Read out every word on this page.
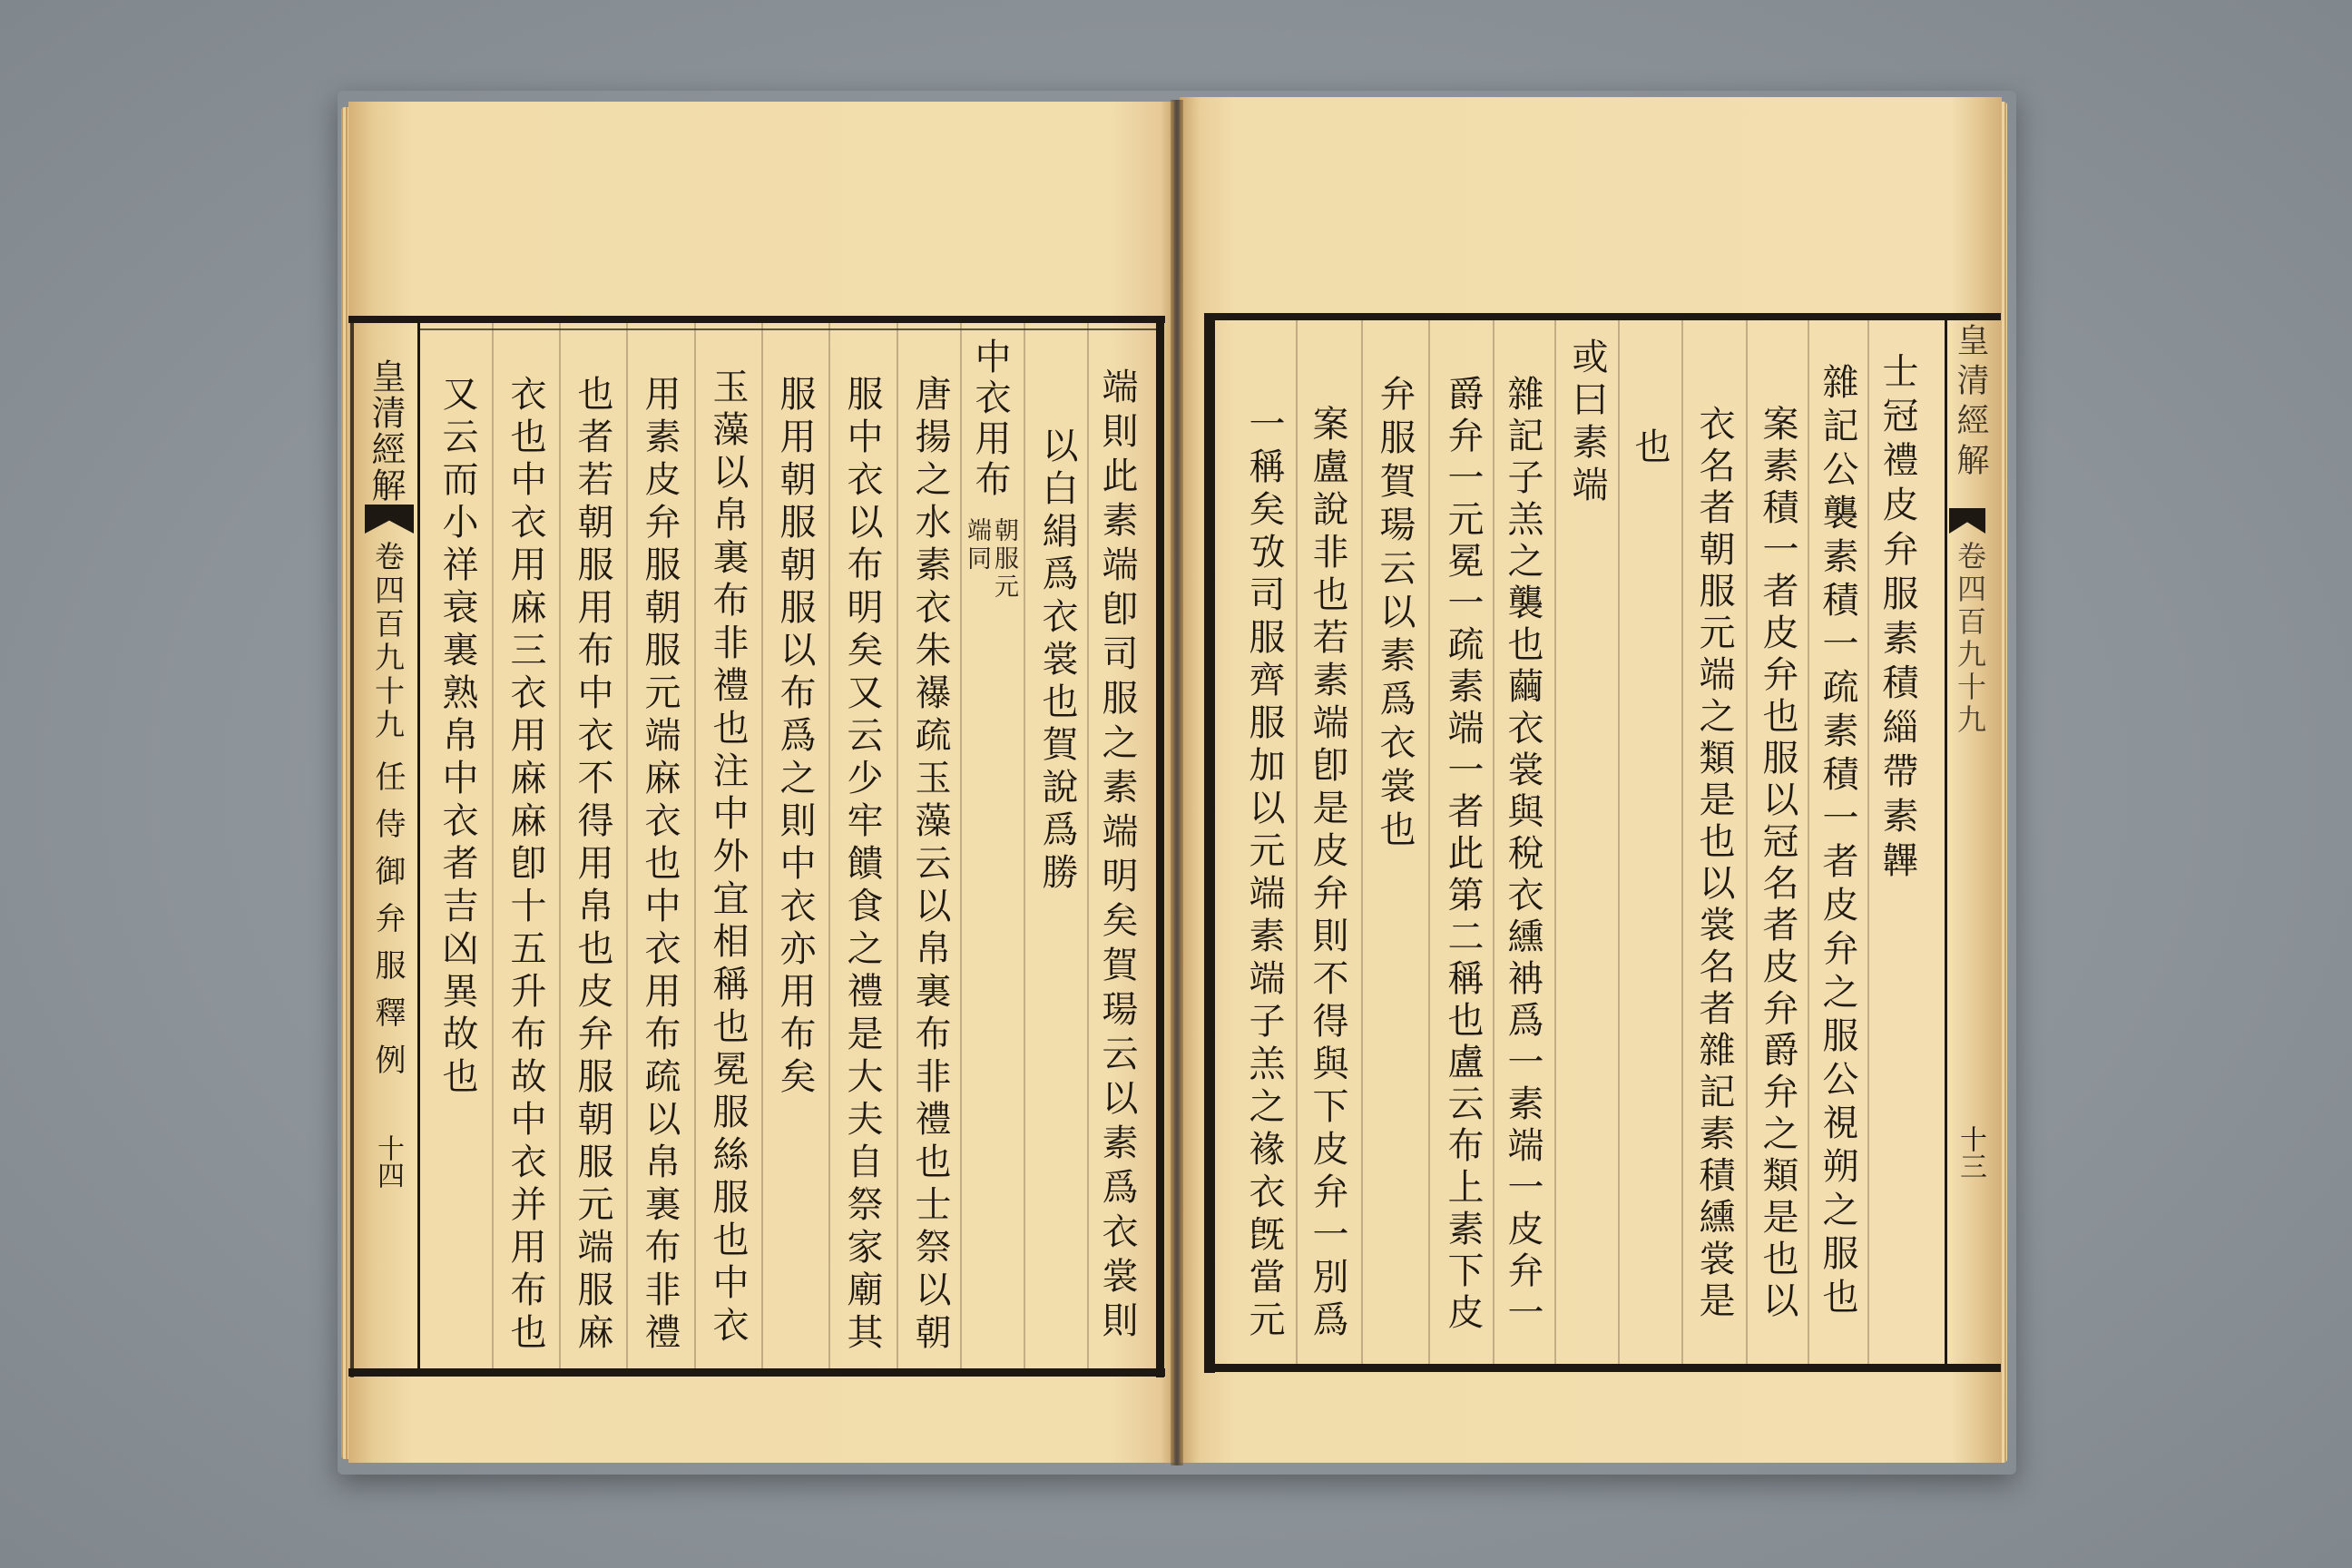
端則此素端卽司服之素端明矣賀瑒云以素爲衣裳則
以白絹爲衣裳也賀說爲勝
中衣用布
朝服元
端同
唐揚之水素衣朱襮疏玉藻云以帛裏布非禮也士祭以朝
服中衣以布明矣又云少牢饋食之禮是大夫自祭家廟其
服用朝服朝服以布爲之則中衣亦用布矣
玉藻以帛裏布非禮也注中外宜相稱也冕服絲服也中衣
用素皮弁服朝服元端麻衣也中衣用布疏以帛裏布非禮
也者若朝服用布中衣不得用帛也皮弁服朝服元端服麻
衣也中衣用麻三衣用麻麻卽十五升布故中衣并用布也
又云而小祥衰裏熟帛中衣者吉凶異故也
皇清經解
卷四百九十九
任侍御弁服釋例
十四
士冠禮皮弁服素積緇帶素韠
雜記公襲素積一疏素積一者皮弁之服公視朔之服也
案素積一者皮弁也服以冠名者皮弁爵弁之類是也以
衣名者朝服元端之類是也以裳名者雜記素積纁裳是
也
或曰素端
雜記子羔之襲也繭衣裳與稅衣纁袡爲一素端一皮弁一
爵弁一元冕一疏素端一者此第二稱也盧云布上素下皮
弁服賀瑒云以素爲衣裳也
案盧說非也若素端卽是皮弁則不得與下皮弁一別爲
一稱矣攷司服齊服加以元端素端子羔之褖衣旣當元
皇清經解
卷四百九十九
十三
